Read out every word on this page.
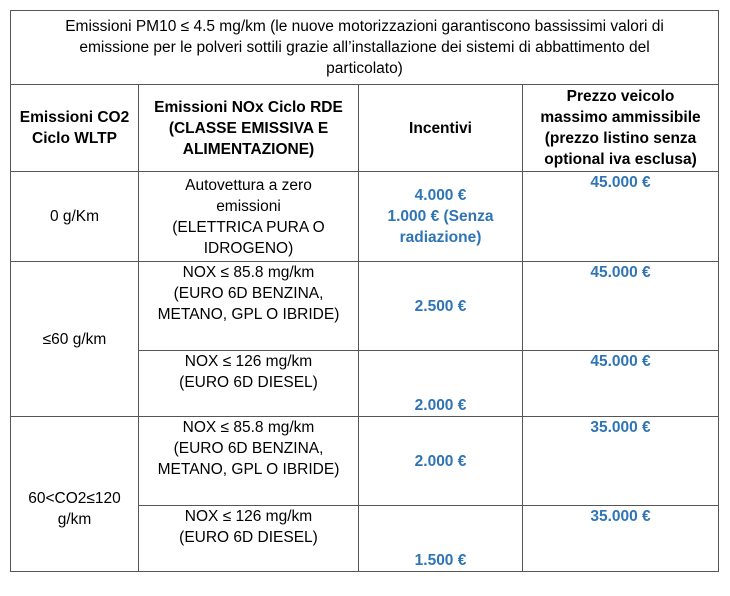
Emissioni PM10 ≤ 4.5 mg/km (le nuove motorizzazioni garantiscono bassissimi valori di
emissione per le polveri sottili grazie all’installazione dei sistemi di abbattimento del
particolato)			

Emissioni CO2
Ciclo WLTP	Emissioni NOx Ciclo RDE
(CLASSE EMISSIVA E
ALIMENTAZIONE)	Incentivi	Prezzo veicolo
massimo ammissibile
(prezzo listino senza
optional iva esclusa)

0 g/Km	Autovettura a zero
emissioni
(ELETTRICA PURA O
IDROGENO)	4.000 €
1.000 € (Senza
radiazione)	45.000 €

≤60 g/km	NOX ≤ 85.8 mg/km
(EURO 6D BENZINA,
METANO, GPL O IBRIDE)	2.500 €	45.000 €

	NOX ≤ 126 mg/km
(EURO 6D DIESEL)	2.000 €	45.000 €

60<CO2≤120
g/km	NOX ≤ 85.8 mg/km
(EURO 6D BENZINA,
METANO, GPL O IBRIDE)	2.000 €	35.000 €

	NOX ≤ 126 mg/km
(EURO 6D DIESEL)	1.500 €	35.000 €
